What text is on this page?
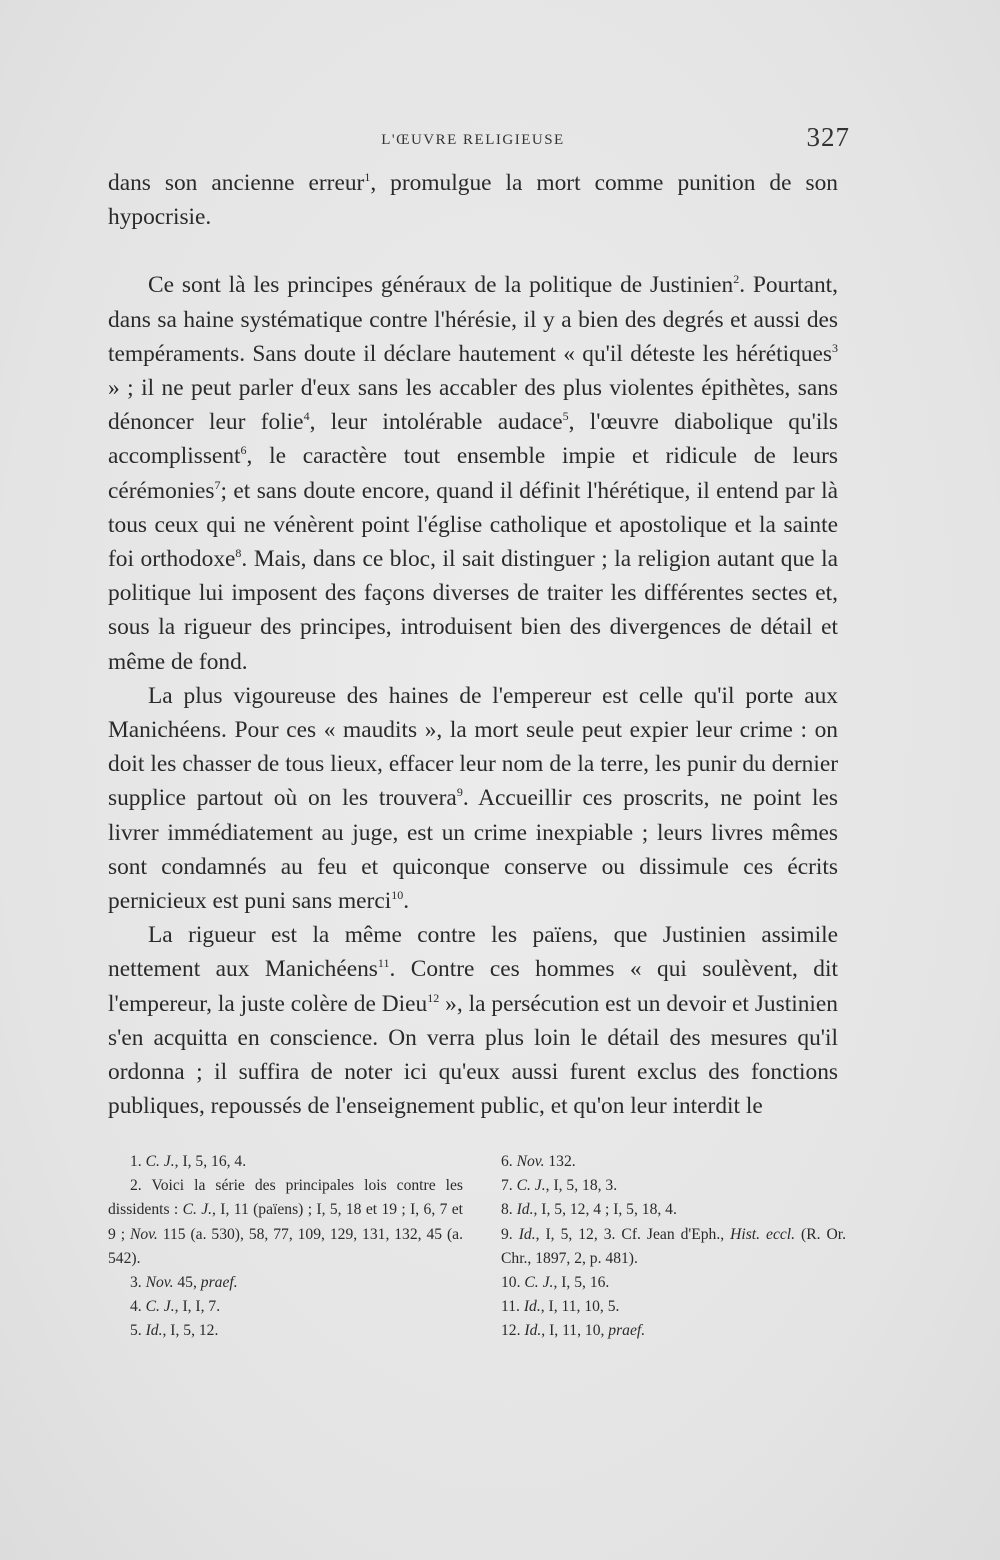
L'ŒUVRE RELIGIEUSE	327

dans son ancienne erreur$^1$, promulgue la mort comme punition de son hypocrisie.

Ce sont là les principes généraux de la politique de Justinien$^2$. Pourtant, dans sa haine systématique contre l'hérésie, il y a bien des degrés et aussi des tempéraments. Sans doute il déclare hautement « qu'il déteste les hérétiques$^3$ » ; il ne peut parler d'eux sans les accabler des plus violentes épithètes, sans dénoncer leur folie$^4$, leur intolérable audace$^5$, l'œuvre diabolique qu'ils accomplissent$^6$, le caractère tout ensemble impie et ridicule de leurs cérémonies$^7$; et sans doute encore, quand il définit l'hérétique, il entend par là tous ceux qui ne vénèrent point l'église catholique et apostolique et la sainte foi orthodoxe$^8$. Mais, dans ce bloc, il sait distinguer ; la religion autant que la politique lui imposent des façons diverses de traiter les différentes sectes et, sous la rigueur des principes, introduisent bien des divergences de détail et même de fond.

La plus vigoureuse des haines de l'empereur est celle qu'il porte aux Manichéens. Pour ces « maudits », la mort seule peut expier leur crime : on doit les chasser de tous lieux, effacer leur nom de la terre, les punir du dernier supplice partout où on les trouvera$^9$. Accueillir ces proscrits, ne point les livrer immédiatement au juge, est un crime inexpiable ; leurs livres mêmes sont condamnés au feu et quiconque conserve ou dissimule ces écrits pernicieux est puni sans merci$^{10}$.

La rigueur est la même contre les païens, que Justinien assimile nettement aux Manichéens$^{11}$. Contre ces hommes « qui soulèvent, dit l'empereur, la juste colère de Dieu$^{12}$ », la persécution est un devoir et Justinien s'en acquitta en conscience. On verra plus loin le détail des mesures qu'il ordonna ; il suffira de noter ici qu'eux aussi furent exclus des fonctions publiques, repoussés de l'enseignement public, et qu'on leur interdit le

1. C. J., I, 5, 16, 4.

2. Voici la série des principales lois contre les dissidents : C. J., I, 11 (païens) ; I, 5, 18 et 19 ; I, 6, 7 et 9 ; Nov. 115 (a. 530), 58, 77, 109, 129, 131, 132, 45 (a. 542).

3. Nov. 45, praef.

4. C. J., I, I, 7.

5. Id., I, 5, 12.

6. Nov. 132.

7. C. J., I, 5, 18, 3.

8. Id., I, 5, 12, 4 ; I, 5, 18, 4.

9. Id., I, 5, 12, 3. Cf. Jean d'Eph., Hist. eccl. (R. Or. Chr., 1897, 2, p. 481).

10. C. J., I, 5, 16.

11. Id., I, 11, 10, 5.

12. Id., I, 11, 10, praef.
